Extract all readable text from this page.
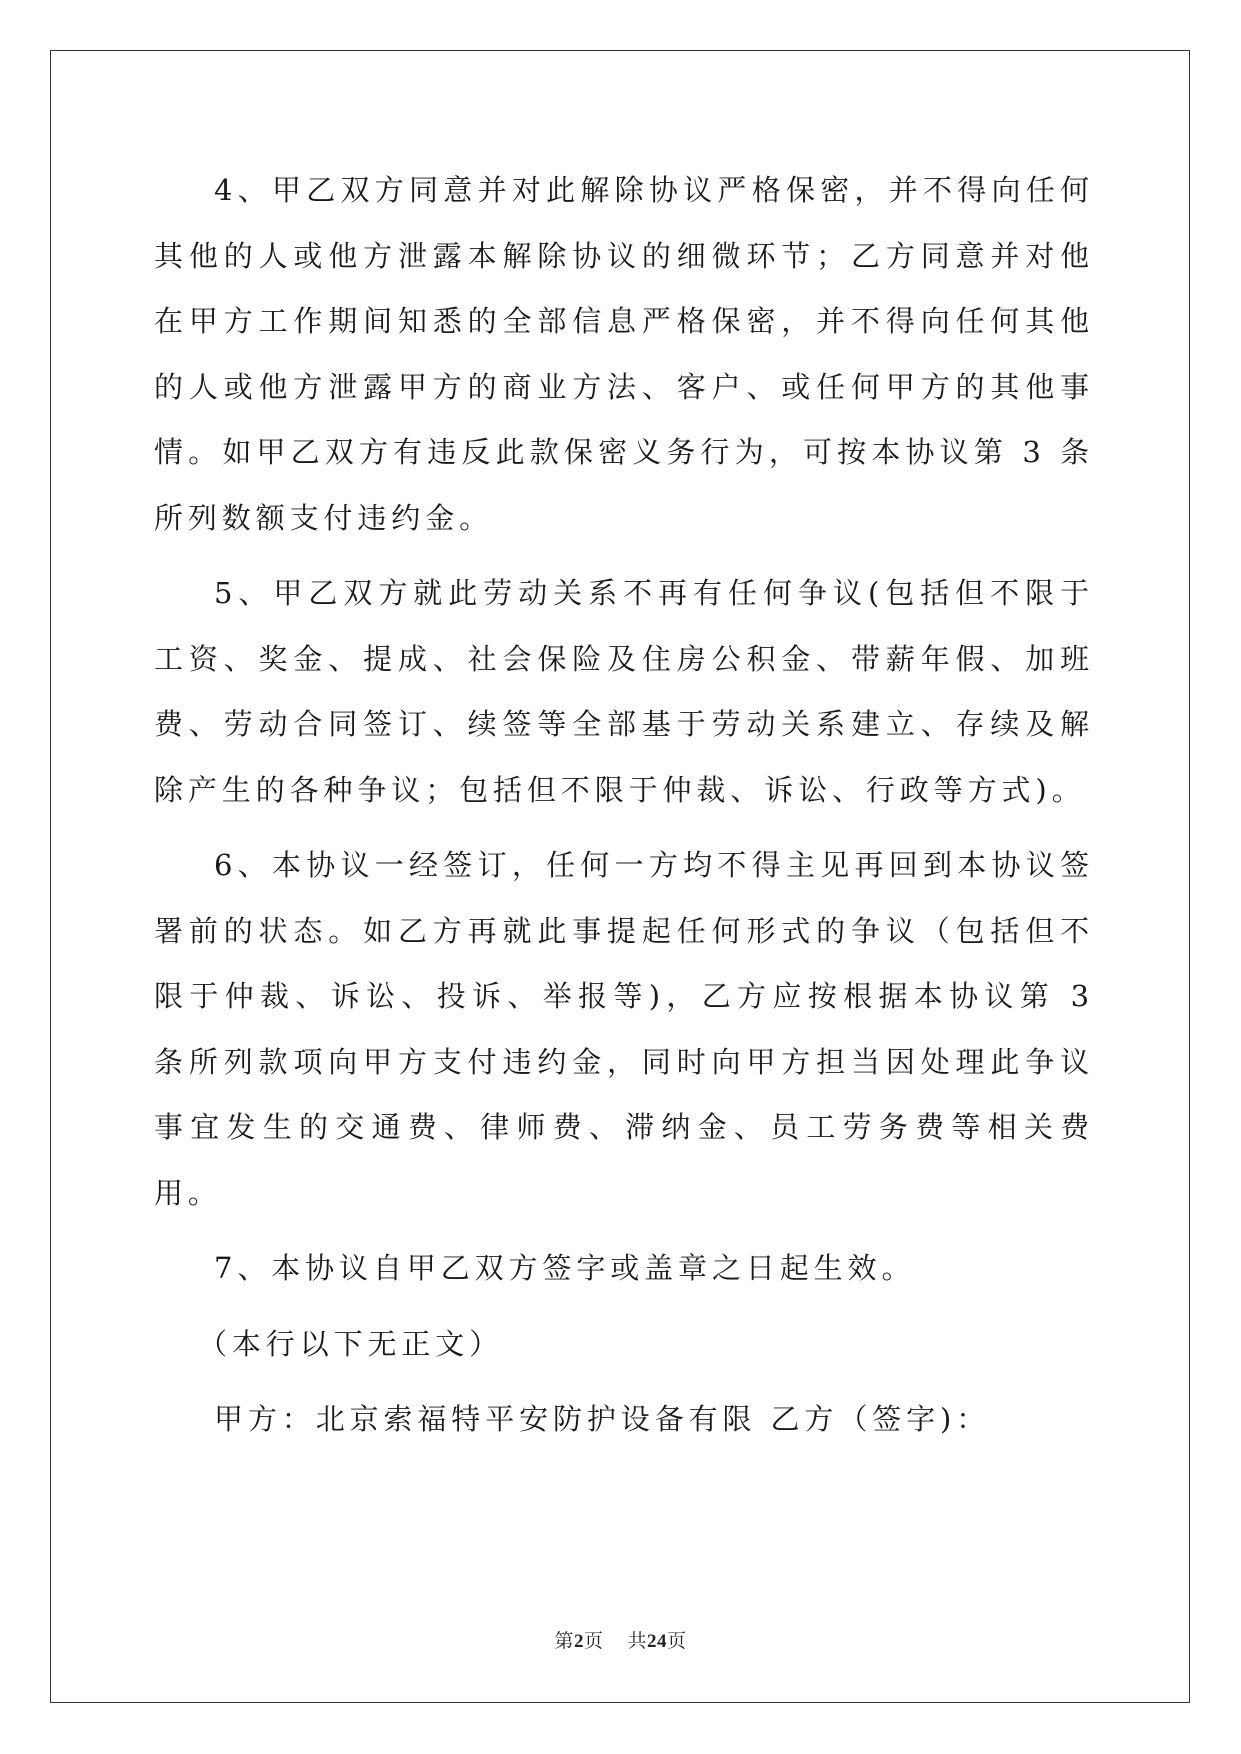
4、甲乙双方同意并对此解除协议严格保密，并不得向任何其他的人或他方泄露本解除协议的细微环节；乙方同意并对他在甲方工作期间知悉的全部信息严格保密，并不得向任何其他的人或他方泄露甲方的商业方法、客户、或任何甲方的其他事情。如甲乙双方有违反此款保密义务行为，可按本协议第 3 条所列数额支付违约金。

5、甲乙双方就此劳动关系不再有任何争议(包括但不限于工资、奖金、提成、社会保险及住房公积金、带薪年假、加班费、劳动合同签订、续签等全部基于劳动关系建立、存续及解除产生的各种争议；包括但不限于仲裁、诉讼、行政等方式)。

6、本协议一经签订，任何一方均不得主见再回到本协议签署前的状态。如乙方再就此事提起任何形式的争议（包括但不限于仲裁、诉讼、投诉、举报等)，乙方应按根据本协议第 3 条所列款项向甲方支付违约金，同时向甲方担当因处理此争议事宜发生的交通费、律师费、滞纳金、员工劳务费等相关费用。

7、本协议自甲乙双方签字或盖章之日起生效。

（本行以下无正文）

甲方：北京索福特平安防护设备有限 乙方（签字)：

第2页 共24页
